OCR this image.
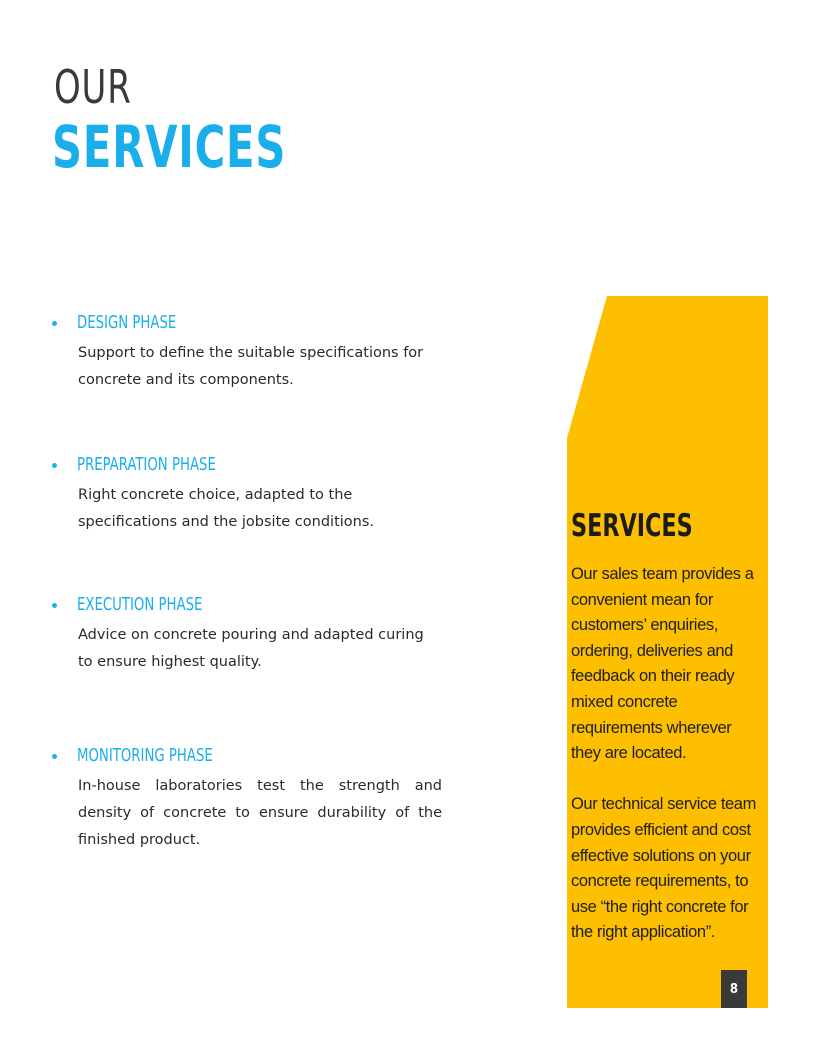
OUR
SERVICES
DESIGN PHASE
Support to define the suitable specifications for concrete and its components.
PREPARATION PHASE
Right concrete choice, adapted to the specifications and the jobsite conditions.
EXECUTION PHASE
Advice on concrete pouring and adapted curing to ensure highest quality.
MONITORING PHASE
In-house laboratories test the strength and density of concrete to ensure durability of the finished product.
SERVICES

Our sales team provides a convenient mean for customers’ enquiries, ordering, deliveries and feedback on their ready mixed concrete requirements wherever they are located.

Our technical service team provides efficient and cost effective solutions on your concrete requirements, to use “the right concrete for the right application”.

8
